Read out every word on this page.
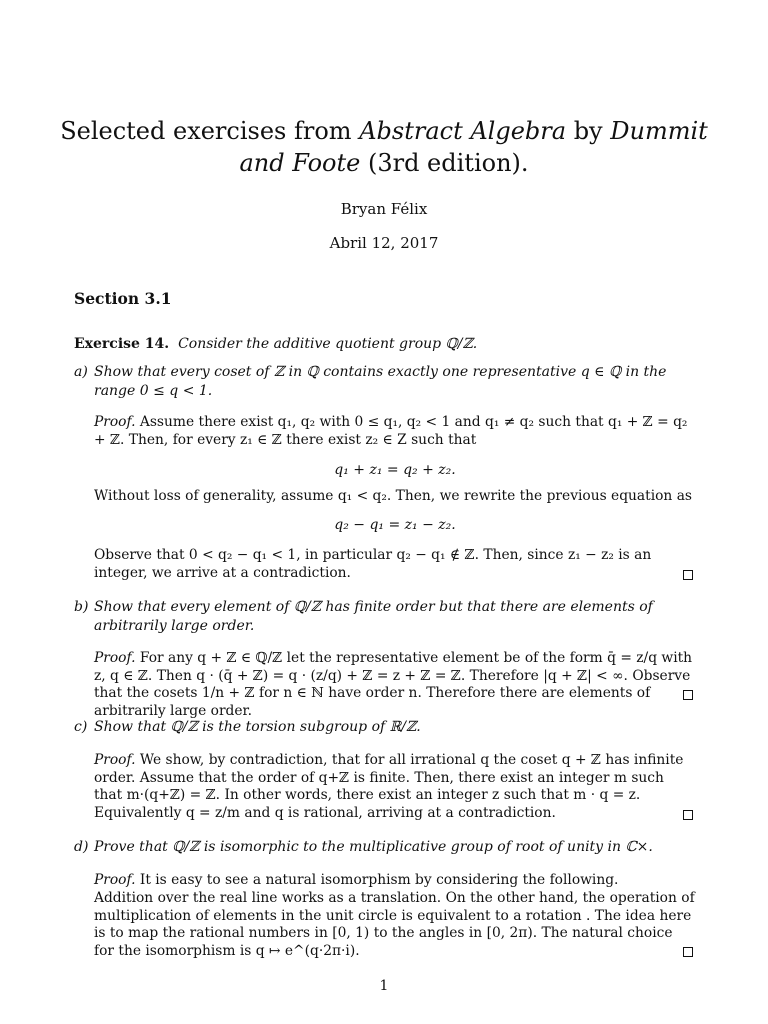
Selected exercises from Abstract Algebra by Dummit and Foote (3rd edition).
Bryan Félix
Abril 12, 2017
Section 3.1
Exercise 14. Consider the additive quotient group ℚ/ℤ.
a) Show that every coset of ℤ in ℚ contains exactly one representative q ∈ ℚ in the range 0 ≤ q < 1.
Proof. Assume there exist q₁, q₂ with 0 ≤ q₁, q₂ < 1 and q₁ ≠ q₂ such that q₁ + ℤ = q₂ + ℤ. Then, for every z₁ ∈ ℤ there exist z₂ ∈ Z such that
q₁ + z₁ = q₂ + z₂.
Without loss of generality, assume q₁ < q₂. Then, we rewrite the previous equation as
q₂ − q₁ = z₁ − z₂.
Observe that 0 < q₂ − q₁ < 1, in particular q₂ − q₁ ∉ ℤ. Then, since z₁ − z₂ is an integer, we arrive at a contradiction.
b) Show that every element of ℚ/ℤ has finite order but that there are elements of arbitrarily large order.
Proof. For any q + ℤ ∈ ℚ/ℤ let the representative element be of the form q̄ = z/q with z, q ∈ ℤ. Then q · (q̄ + ℤ) = q · (z/q) + ℤ = z + ℤ = ℤ. Therefore |q + ℤ| < ∞. Observe that the cosets 1/n + ℤ for n ∈ ℕ have order n. Therefore there are elements of arbitrarily large order.
c) Show that ℚ/ℤ is the torsion subgroup of ℝ/ℤ.
Proof. We show, by contradiction, that for all irrational q the coset q + ℤ has infinite order. Assume that the order of q+ℤ is finite. Then, there exist an integer m such that m·(q+ℤ) = ℤ. In other words, there exist an integer z such that m · q = z. Equivalently q = z/m and q is rational, arriving at a contradiction.
d) Prove that ℚ/ℤ is isomorphic to the multiplicative group of root of unity in ℂ×.
Proof. It is easy to see a natural isomorphism by considering the following.
Addition over the real line works as a translation. On the other hand, the operation of multiplication of elements in the unit circle is equivalent to a rotation . The idea here is to map the rational numbers in [0, 1) to the angles in [0, 2π). The natural choice for the isomorphism is q ↦ e^(q·2π·i).
1
